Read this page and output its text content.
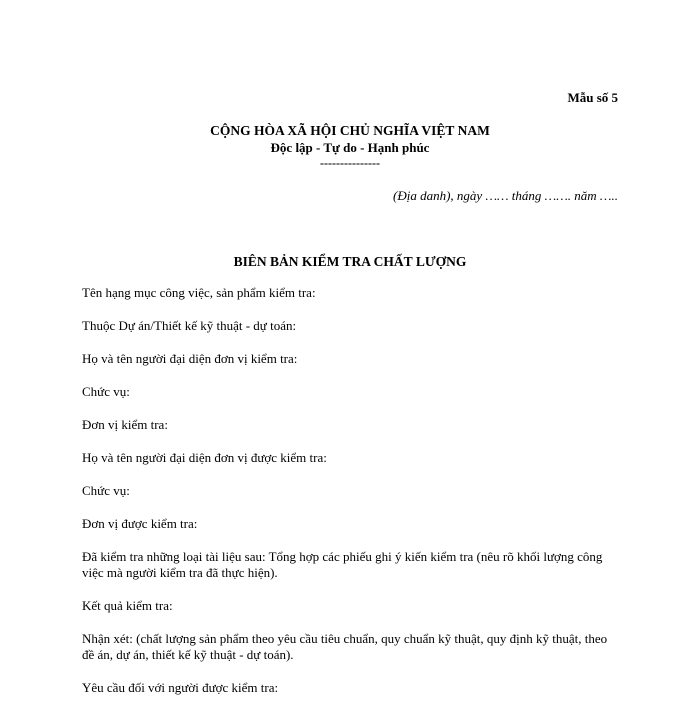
Mẫu số 5
CỘNG HÒA XÃ HỘI CHỦ NGHĨA VIỆT NAM
Độc lập - Tự do - Hạnh phúc
---------------
(Địa danh), ngày …… tháng ……. năm …..
BIÊN BẢN KIỂM TRA CHẤT LƯỢNG

Tên hạng mục công việc, sản phẩm kiểm tra:

Thuộc Dự án/Thiết kế kỹ thuật - dự toán:

Họ và tên người đại diện đơn vị kiểm tra:

Chức vụ:

Đơn vị kiểm tra:

Họ và tên người đại diện đơn vị được kiểm tra:

Chức vụ:

Đơn vị được kiểm tra:

Đã kiểm tra những loại tài liệu sau: Tổng hợp các phiếu ghi ý kiến kiểm tra (nêu rõ khối lượng công việc mà người kiểm tra đã thực hiện).

Kết quả kiểm tra:

Nhận xét: (chất lượng sản phẩm theo yêu cầu tiêu chuẩn, quy chuẩn kỹ thuật, quy định kỹ thuật, theo đề án, dự án, thiết kế kỹ thuật - dự toán).

Yêu cầu đối với người được kiểm tra:
